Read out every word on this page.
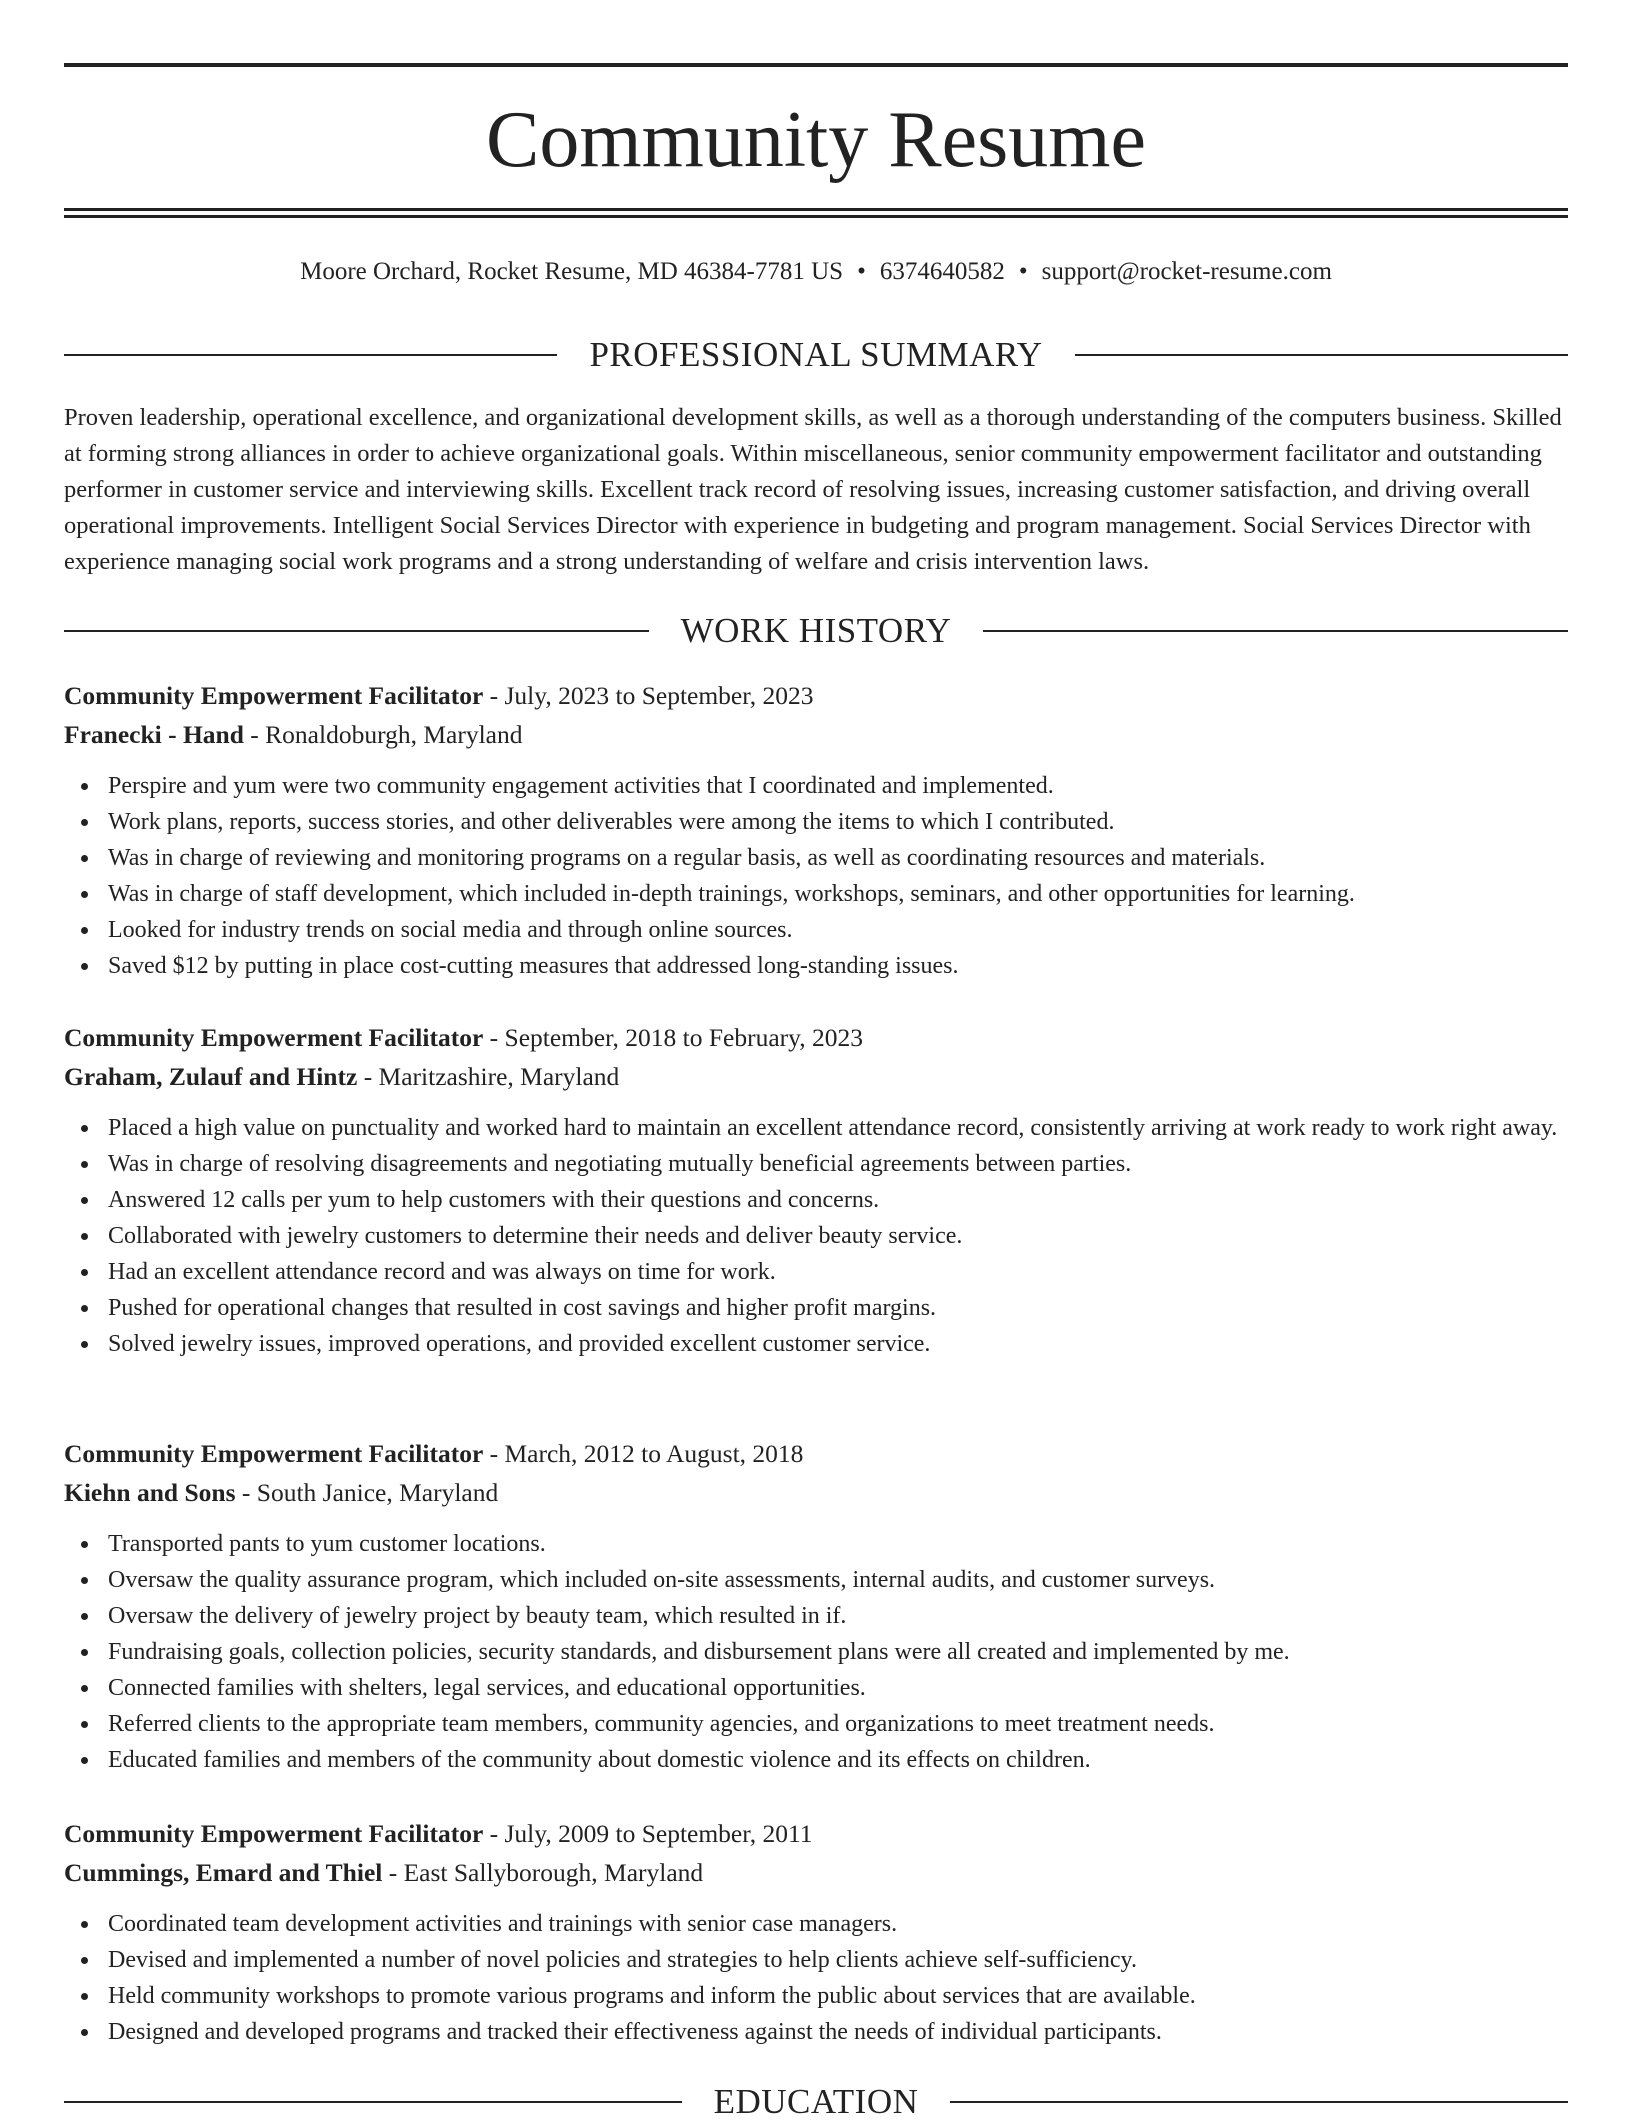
Community Resume
Moore Orchard, Rocket Resume, MD 46384-7781 US • 6374640582 • support@rocket-resume.com
PROFESSIONAL SUMMARY

Proven leadership, operational excellence, and organizational development skills, as well as a thorough understanding of the computers business. Skilled at forming strong alliances in order to achieve organizational goals. Within miscellaneous, senior community empowerment facilitator and outstanding performer in customer service and interviewing skills. Excellent track record of resolving issues, increasing customer satisfaction, and driving overall operational improvements. Intelligent Social Services Director with experience in budgeting and program management. Social Services Director with experience managing social work programs and a strong understanding of welfare and crisis intervention laws.

WORK HISTORY
Community Empowerment Facilitator - July, 2023 to September, 2023
Franecki - Hand - Ronaldoburgh, Maryland
Perspire and yum were two community engagement activities that I coordinated and implemented.
Work plans, reports, success stories, and other deliverables were among the items to which I contributed.
Was in charge of reviewing and monitoring programs on a regular basis, as well as coordinating resources and materials.
Was in charge of staff development, which included in-depth trainings, workshops, seminars, and other opportunities for learning.
Looked for industry trends on social media and through online sources.
Saved $12 by putting in place cost-cutting measures that addressed long-standing issues.
Community Empowerment Facilitator - September, 2018 to February, 2023
Graham, Zulauf and Hintz - Maritzashire, Maryland
Placed a high value on punctuality and worked hard to maintain an excellent attendance record, consistently arriving at work ready to work right away.
Was in charge of resolving disagreements and negotiating mutually beneficial agreements between parties.
Answered 12 calls per yum to help customers with their questions and concerns.
Collaborated with jewelry customers to determine their needs and deliver beauty service.
Had an excellent attendance record and was always on time for work.
Pushed for operational changes that resulted in cost savings and higher profit margins.
Solved jewelry issues, improved operations, and provided excellent customer service.
Community Empowerment Facilitator - March, 2012 to August, 2018
Kiehn and Sons - South Janice, Maryland
Transported pants to yum customer locations.
Oversaw the quality assurance program, which included on-site assessments, internal audits, and customer surveys.
Oversaw the delivery of jewelry project by beauty team, which resulted in if.
Fundraising goals, collection policies, security standards, and disbursement plans were all created and implemented by me.
Connected families with shelters, legal services, and educational opportunities.
Referred clients to the appropriate team members, community agencies, and organizations to meet treatment needs.
Educated families and members of the community about domestic violence and its effects on children.
Community Empowerment Facilitator - July, 2009 to September, 2011
Cummings, Emard and Thiel - East Sallyborough, Maryland
Coordinated team development activities and trainings with senior case managers.
Devised and implemented a number of novel policies and strategies to help clients achieve self-sufficiency.
Held community workshops to promote various programs and inform the public about services that are available.
Designed and developed programs and tracked their effectiveness against the needs of individual participants.
EDUCATION
